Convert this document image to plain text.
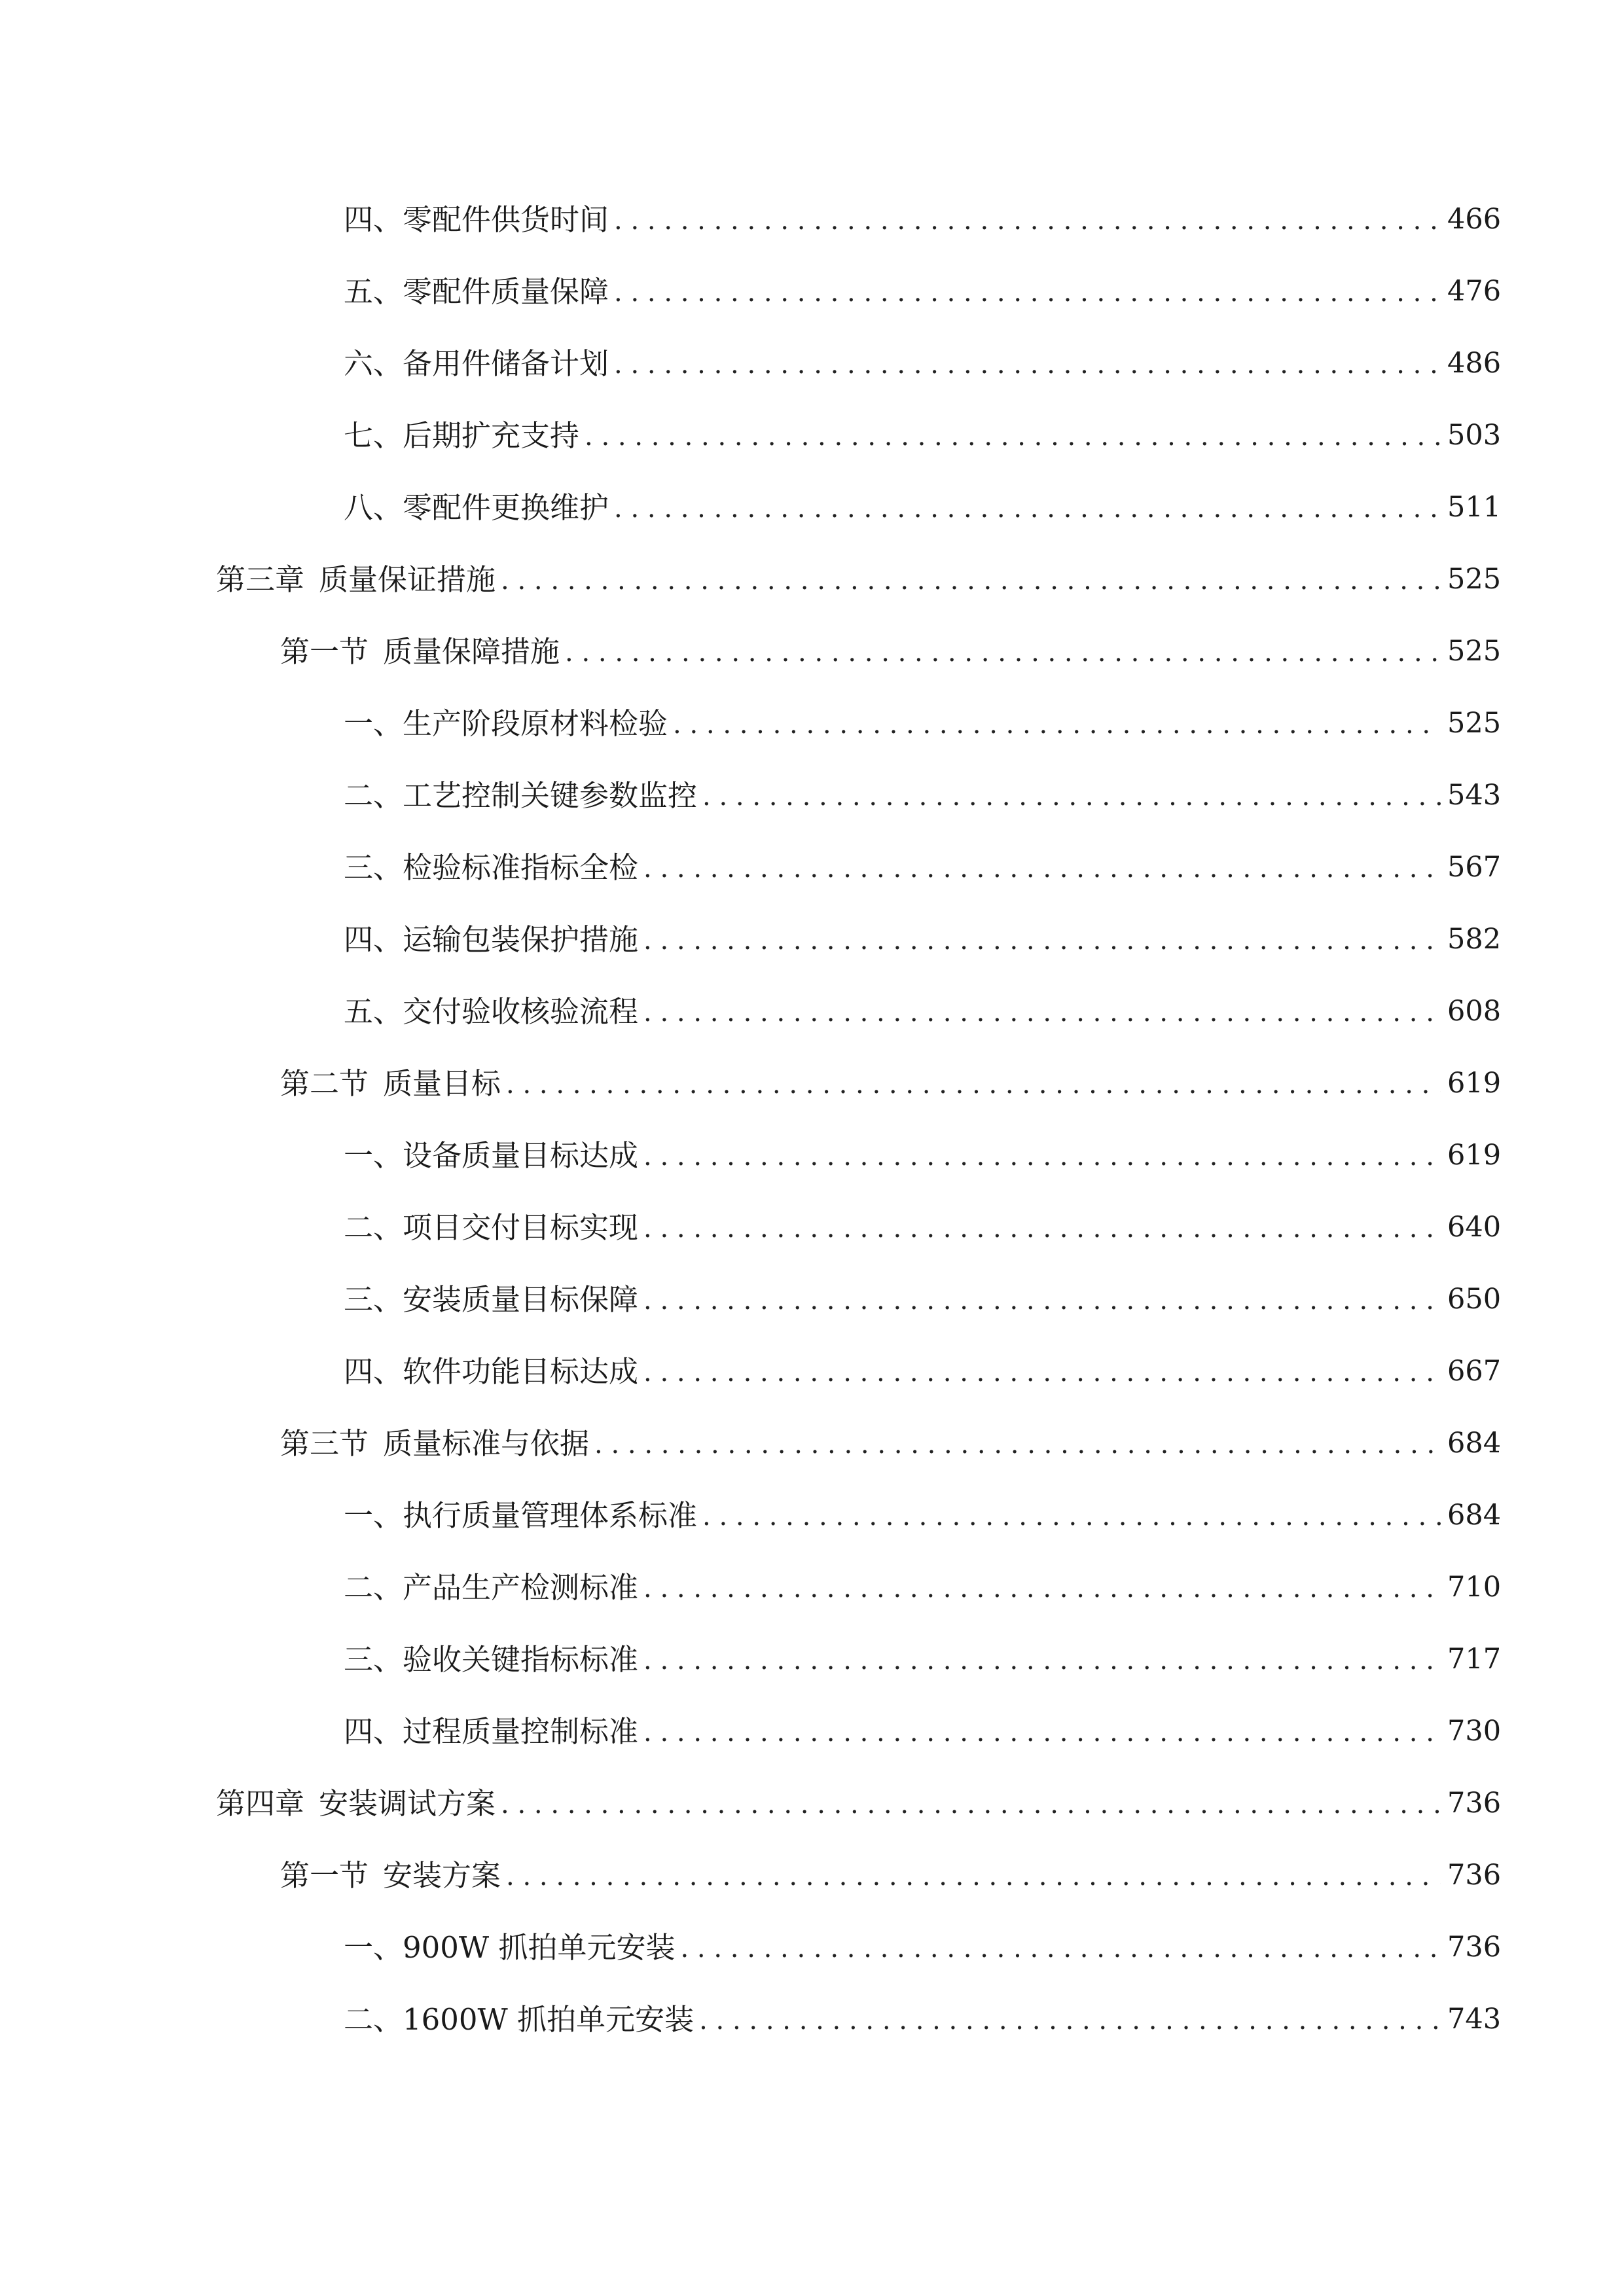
四、 零配件供货时间 . . .	466
五、 零配件质量保障 . . .	476
六、 备用件储备计划 . . .	486
七、 后期扩充支持 . . .	503
八、 零配件更换维护 . . .	511
第三章 质量保证措施 . . .	525
第一节 质量保障措施 . . .	525
一、 生产阶段原材料检验 . . .	525
二、 工艺控制关键参数监控 . . .	543
三、 检验标准指标全检 . . .	567
四、 运输包装保护措施 . . .	582
五、 交付验收核验流程 . . .	608
第二节 质量目标 . . .	619
一、 设备质量目标达成 . . .	619
二、 项目交付目标实现 . . .	640
三、 安装质量目标保障 . . .	650
四、 软件功能目标达成 . . .	667
第三节 质量标准与依据 . . .	684
一、 执行质量管理体系标准 . . .	684
二、 产品生产检测标准 . . .	710
三、 验收关键指标标准 . . .	717
四、 过程质量控制标准 . . .	730
第四章 安装调试方案 . . .	736
第一节 安装方案 . . .	736
一、 900W 抓拍单元安装 . . .	736
二、 1600W 抓拍单元安装 . . .	743
